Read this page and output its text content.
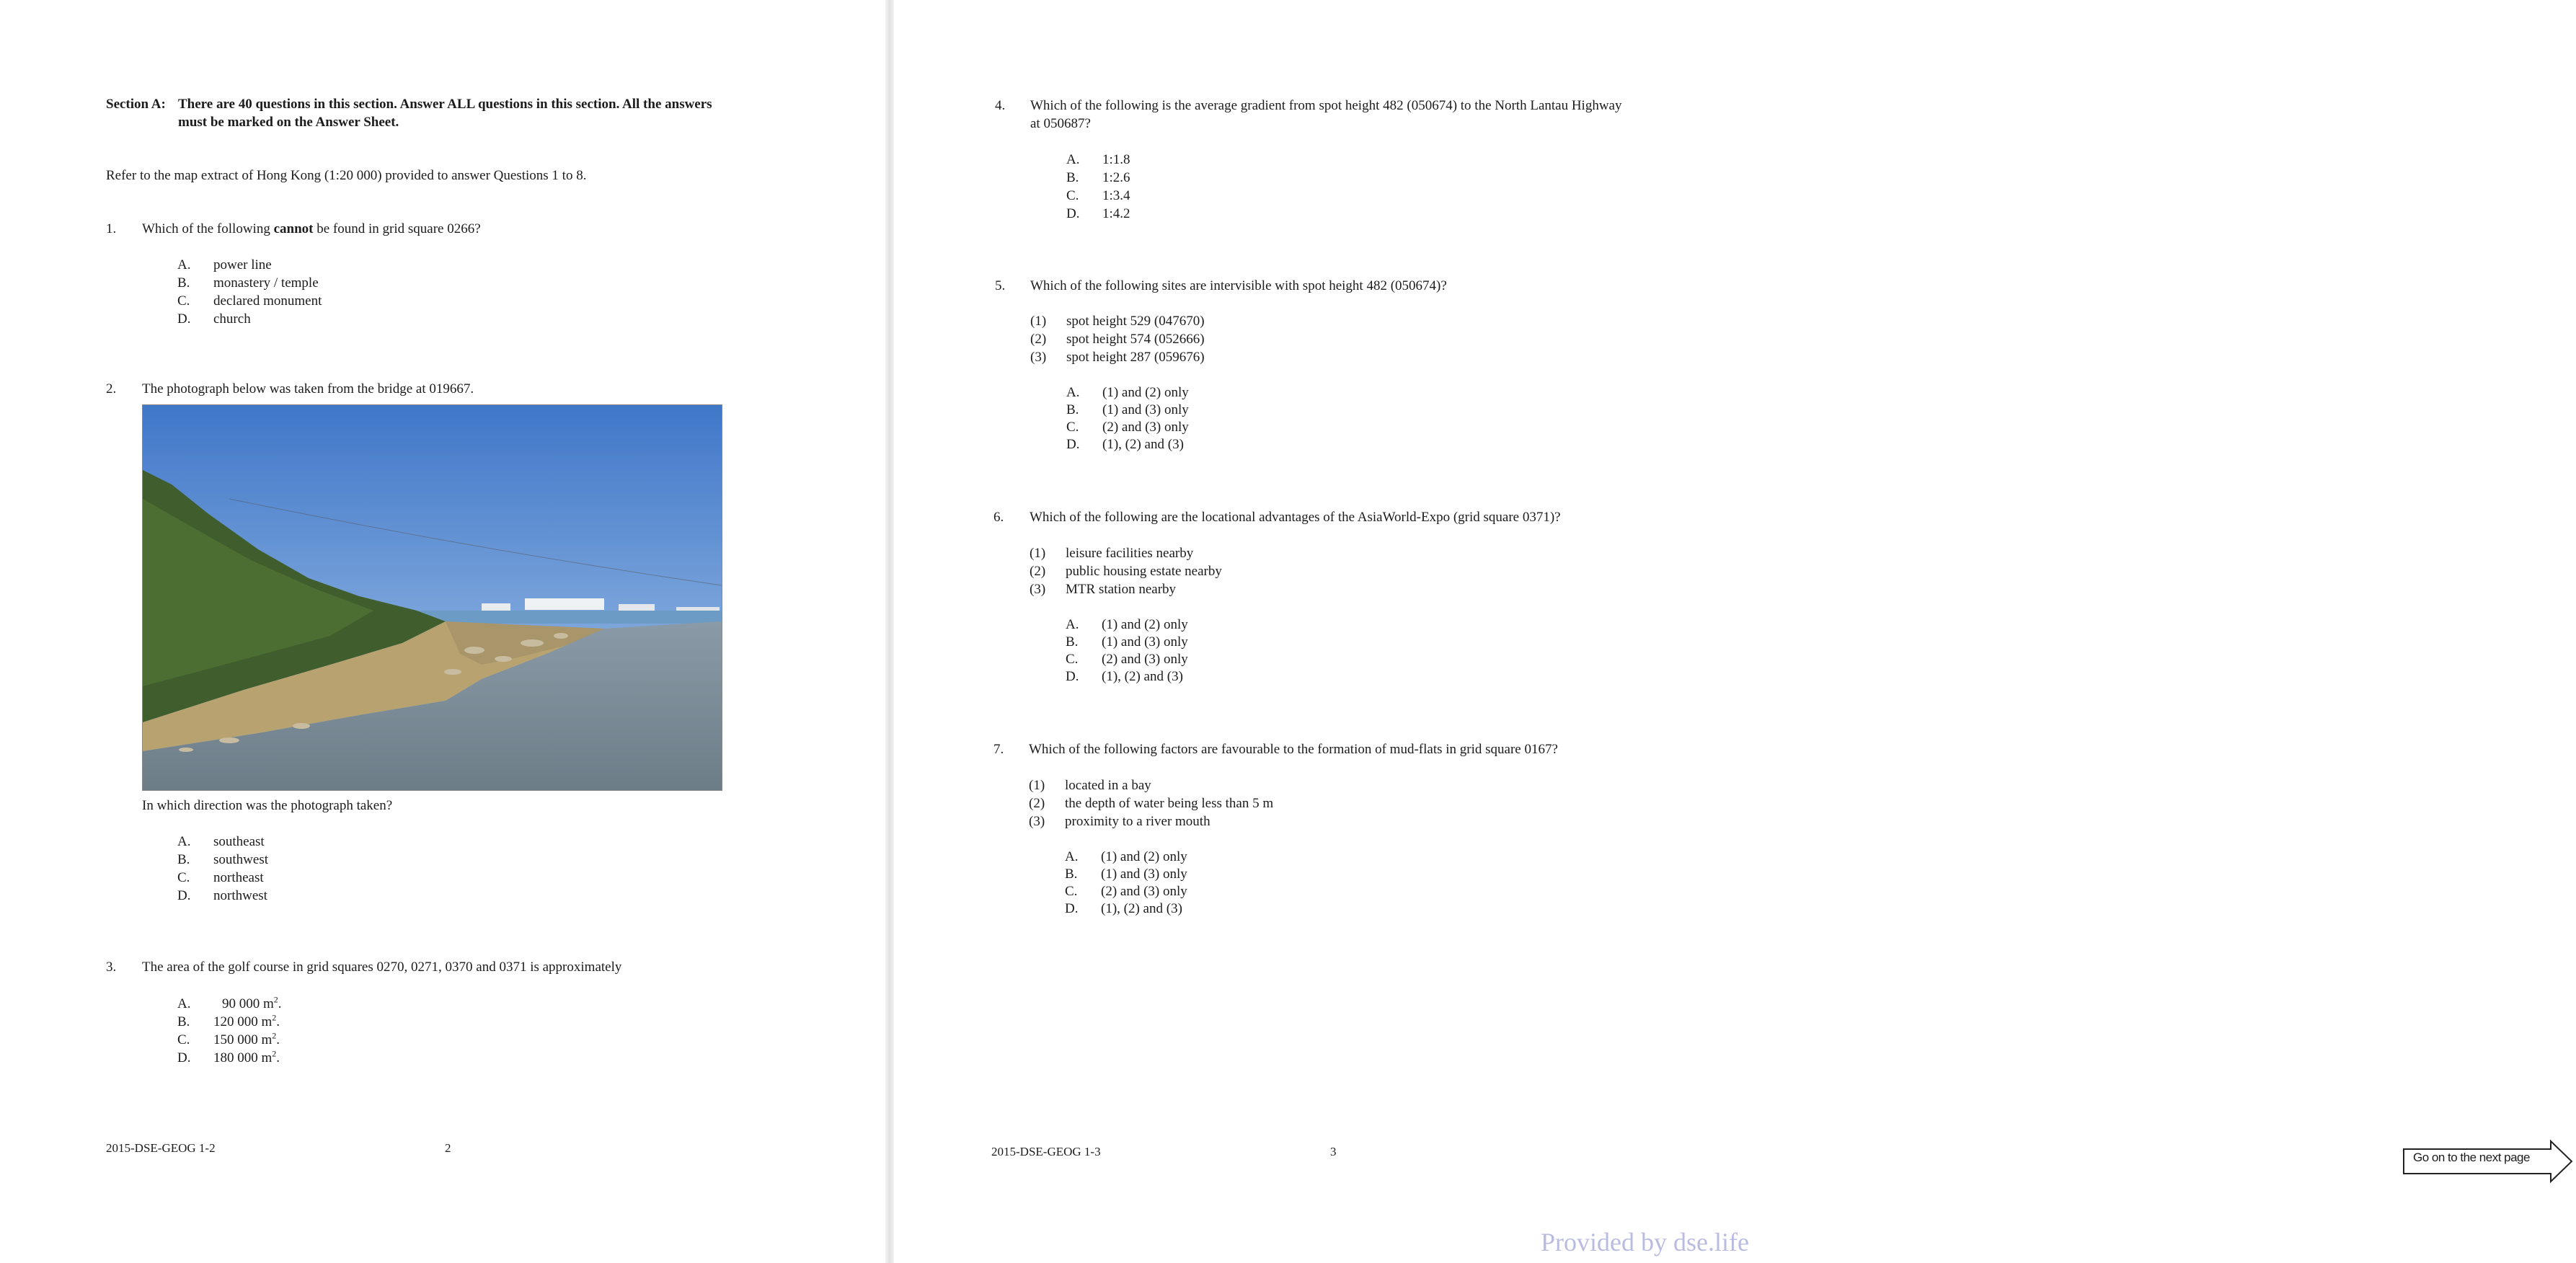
Section A: There are 40 questions in this section. Answer ALL questions in this section. All the answers
must be marked on the Answer Sheet.
Refer to the map extract of Hong Kong (1:20 000) provided to answer Questions 1 to 8.
1. Which of the following cannot be found in grid square 0266?
A. power line
B. monastery / temple
C. declared monument
D. church
2. The photograph below was taken from the bridge at 019667.
In which direction was the photograph taken?
A. southeast
B. southwest
C. northeast
D. northwest
3. The area of the golf course in grid squares 0270, 0271, 0370 and 0371 is approximately
A. 90 000 $m^2$.
B. 120 000 $m^2$.
C. 150 000 $m^2$.
D. 180 000 $m^2$.
2015-DSE-GEOG 1-2	2
4. Which of the following is the average gradient from spot height 482 (050674) to the North Lantau Highway
at 050687?
A. 1:1.8
B. 1:2.6
C. 1:3.4
D. 1:4.2
5. Which of the following sites are intervisible with spot height 482 (050674)?
(1) spot height 529 (047670)
(2) spot height 574 (052666)
(3) spot height 287 (059676)
A. (1) and (2) only
B. (1) and (3) only
C. (2) and (3) only
D. (1), (2) and (3)
6. Which of the following are the locational advantages of the AsiaWorld-Expo (grid square 0371)?
(1) leisure facilities nearby
(2) public housing estate nearby
(3) MTR station nearby
A. (1) and (2) only
B. (1) and (3) only
C. (2) and (3) only
D. (1), (2) and (3)
7. Which of the following factors are favourable to the formation of mud-flats in grid square 0167?
(1) located in a bay
(2) the depth of water being less than 5 m
(3) proximity to a river mouth
A. (1) and (2) only
B. (1) and (3) only
C. (2) and (3) only
D. (1), (2) and (3)
2015-DSE-GEOG 1-3	3	Go on to the next page
Provided by dse.life
